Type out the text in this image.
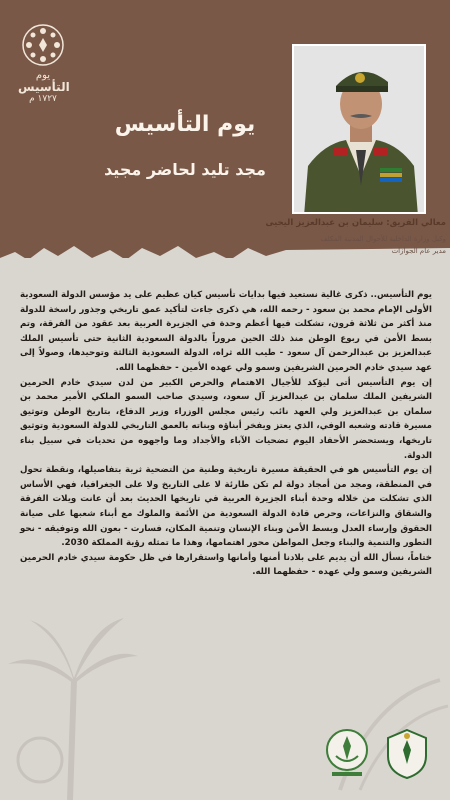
يوم
التأسيس
١٧٢٧ م
يوم التأسيس
مجد تليد لحاضر مجيد
معالي الفريق: سليمان بن عبدالعزيز اليحيى
وكيل وزارة الداخلية للأحوال المدنية المكلف
مدير عام الجوازات

يوم التأسيس.. ذكرى غالية نستعيد فيها بدايات تأسيس كيان عظيم على يد مؤسس الدولة السعودية الأولى الإمام محمد بن سعود - رحمه الله، هي ذكرى جاءت لتأكيد عمق تاريخي وجذور راسخة للدولة منذ أكثر من ثلاثة قرون، تشكلت فيها أعظم وحدة في الجزيرة العربية بعد عقود من الفرقة، وتم بسط الأمن في ربوع الوطن منذ ذلك الحين مروراً بالدولة السعودية الثانية حتى تأسيس الملك عبدالعزيز بن عبدالرحمن آل سعود - طيب الله ثراه، الدولة السعودية الثالثة وتوحيدها، وصولاً إلى عهد سيدي خادم الحرمين الشريفين وسمو ولي عهده الأمين - حفظهما الله.

إن يوم التأسيس أتى ليؤكد للأجيال الاهتمام والحرص الكبير من لدن سيدي خادم الحرمين الشريفين الملك سلمان بن عبدالعزيز آل سعود، وسيدي صاحب السمو الملكي الأمير محمد بن سلمان بن عبدالعزيز ولي العهد نائب رئيس مجلس الوزراء وزير الدفاع، بتاريخ الوطن وتوثيق مسيرة قادته وشعبه الوفي، الذي يعتز ويفخر أبناؤه وبناته بالعمق التاريخي للدولة السعودية وتوثيق تاريخها، ويستحضر الأحفاد اليوم تضحيات الآباء والأجداد وما واجهوه من تحديات في سبيل بناء الدولة.

إن يوم التأسيس هو في الحقيقة مسيرة تاريخية وطنية من التضحية ثرية بتفاصيلها، ونقطة تحول في المنطقة، ومجد من أمجاد دولة لم تكن طارئة لا على التاريخ ولا على الجغرافيا، فهي الأساس الذي تشكلت من خلاله وحدة أبناء الجزيرة العربية في تاريخها الحديث بعد أن عانت ويلات الفرقة والشقاق والنزاعات، وحرص قادة الدولة السعودية من الأئمة والملوك مع أبناء شعبها على صيانة الحقوق وإرساء العدل وبسط الأمن وبناء الإنسان وتنمية المكان، فسارت - بعون الله وتوفيقه - نحو التطور والتنمية والبناء وجعل المواطن محور اهتمامها، وهذا ما تمثله رؤية المملكة 2030.

ختاماً، نسأل الله أن يديم على بلادنا أمنها وأمانها واستقرارها في ظل حكومة سيدي خادم الحرمين الشريفين وسمو ولي عهده - حفظهما الله.
